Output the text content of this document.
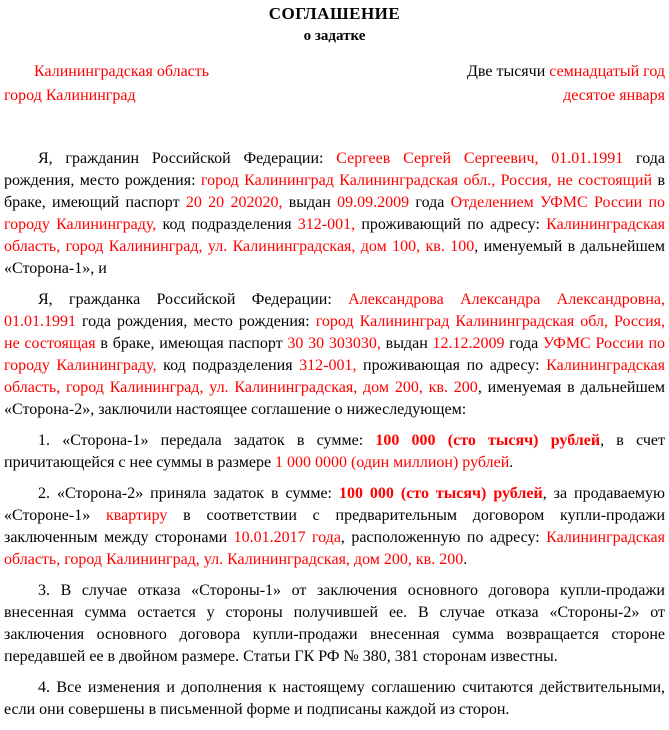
СОГЛАШЕНИЕ
о задатке

Калининградская область

город Калининград

Две тысячи семнадцатый год

десятое января

Я, гражданин Российской Федерации: Сергеев Сергей Сергеевич, 01.01.1991 года рождения, место рождения: город Калининград Калининградская обл., Россия, не состоящий в браке, имеющий паспорт 20 20 202020, выдан 09.09.2009 года Отделением УФМС России по городу Калининграду, код подразделения 312-001, проживающий по адресу: Калининградская область, город Калининград, ул. Калининградская, дом 100, кв. 100, именуемый в дальнейшем «Сторона-1», и

Я, гражданка Российской Федерации: Александрова Александра Александровна, 01.01.1991 года рождения, место рождения: город Калининград Калининградская обл, Россия, не состоящая в браке, имеющая паспорт 30 30 303030, выдан 12.12.2009 года УФМС России по городу Калининграду, код подразделения 312-001, проживающая по адресу: Калининградская область, город Калининград, ул. Калининградская, дом 200, кв. 200, именуемая в дальнейшем «Сторона-2», заключили настоящее соглашение о нижеследующем:

1. «Сторона-1» передала задаток в сумме: 100 000 (сто тысяч) рублей, в счет причитающейся с нее суммы в размере 1 000 0000 (один миллион) рублей.

2. «Сторона-2» приняла задаток в сумме: 100 000 (сто тысяч) рублей, за продаваемую «Стороне-1» квартиру в соответствии с предварительным договором купли-продажи заключенным между сторонами 10.01.2017 года, расположенную по адресу: Калининградская область, город Калининград, ул. Калининградская, дом 200, кв. 200.

3. В случае отказа «Стороны-1» от заключения основного договора купли-продажи внесенная сумма остается у стороны получившей ее. В случае отказа «Стороны-2» от заключения основного договора купли-продажи внесенная сумма возвращается стороне передавшей ее в двойном размере. Статьи ГК РФ № 380, 381 сторонам известны.

4. Все изменения и дополнения к настоящему соглашению считаются действительными, если они совершены в письменной форме и подписаны каждой из сторон.
